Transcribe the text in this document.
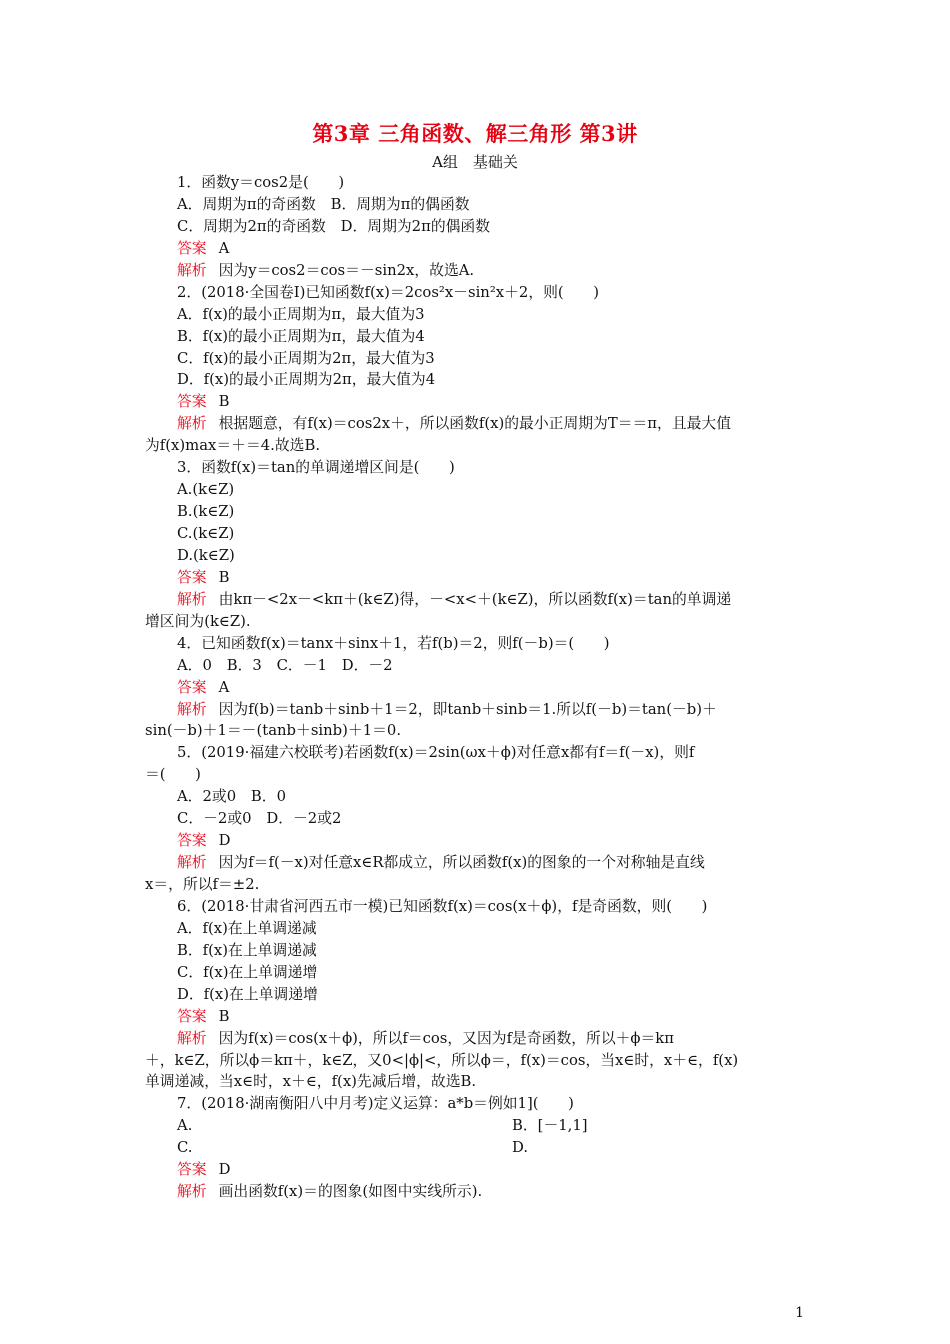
第3章 三角函数、解三角形 第3讲
A组　基础关
1．函数y＝cos2是(　　)
A．周期为π的奇函数　B．周期为π的偶函数
C．周期为2π的奇函数　D．周期为2π的偶函数
答案 A
解析 因为y＝cos2＝cos＝－sin2x，故选A.
2．(2018·全国卷Ⅰ)已知函数f(x)＝2cos²x－sin²x＋2，则(　　)
A．f(x)的最小正周期为π，最大值为3
B．f(x)的最小正周期为π，最大值为4
C．f(x)的最小正周期为2π，最大值为3
D．f(x)的最小正周期为2π，最大值为4
答案 B
解析 根据题意，有f(x)＝cos2x＋，所以函数f(x)的最小正周期为T＝＝π，且最大值
为f(x)max＝＋＝4.故选B.
3．函数f(x)＝tan的单调递增区间是(　　)
A.(k∈Z)
B.(k∈Z)
C.(k∈Z)
D.(k∈Z)
答案 B
解析 由kπ－<2x－<kπ＋(k∈Z)得，－<x<＋(k∈Z)，所以函数f(x)＝tan的单调递
增区间为(k∈Z).
4．已知函数f(x)＝tanx＋sinx＋1，若f(b)＝2，则f(－b)＝(　　)
A．0　B．3　C．－1　D．－2
答案 A
解析 因为f(b)＝tanb＋sinb＋1＝2，即tanb＋sinb＝1.所以f(－b)＝tan(－b)＋
sin(－b)＋1＝－(tanb＋sinb)＋1＝0.
5．(2019·福建六校联考)若函数f(x)＝2sin(ωx＋ϕ)对任意x都有f＝f(－x)，则f
＝(　　)
A．2或0　B．0
C．－2或0　D．－2或2
答案 D
解析 因为f＝f(－x)对任意x∈R都成立，所以函数f(x)的图象的一个对称轴是直线
x＝，所以f＝±2.
6．(2018·甘肃省河西五市一模)已知函数f(x)＝cos(x＋ϕ)，f是奇函数，则(　　)
A．f(x)在上单调递减
B．f(x)在上单调递减
C．f(x)在上单调递增
D．f(x)在上单调递增
答案 B
解析 因为f(x)＝cos(x＋ϕ)，所以f＝cos，又因为f是奇函数，所以＋ϕ＝kπ
＋，k∈Z，所以ϕ＝kπ＋，k∈Z，又0<|ϕ|<，所以ϕ＝，f(x)＝cos，当x∈时，x＋∈，f(x)
单调递减，当x∈时，x＋∈，f(x)先减后增，故选B.
7．(2018·湖南衡阳八中月考)定义运算：a*b＝例如1](　　)
A.	B．[－1,1]
C.	D.
答案 D
解析 画出函数f(x)＝的图象(如图中实线所示).
1
